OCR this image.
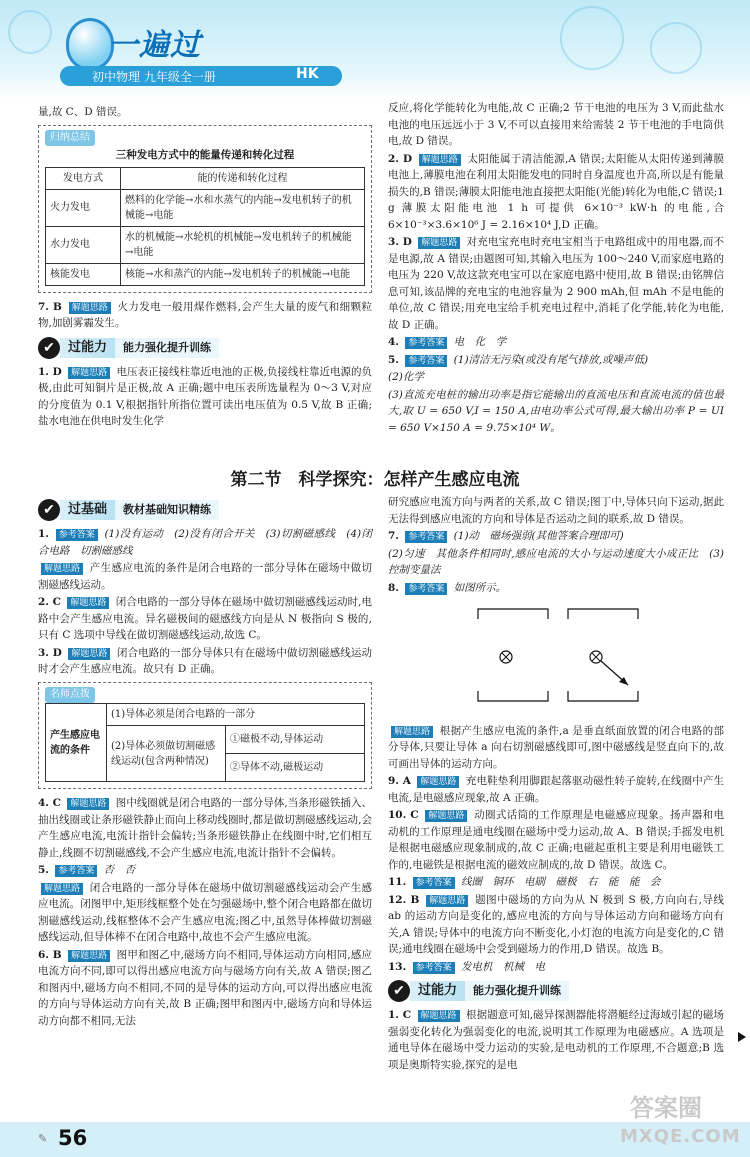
一遍过
初中物理 九年级全一册	HK

量,故 C、D 错误。

归纳总结
三种发电方式中的能量传递和转化过程
发电方式	能的传递和转化过程
火力发电	燃料的化学能→水和水蒸气的内能→发电机转子的机械能→电能
水力发电	水的机械能→水轮机的机械能→发电机转子的机械能→电能
核能发电	核能→水和蒸汽的内能→发电机转子的机械能→电能

7. B 解题思路 火力发电一般用煤作燃料,会产生大量的废气和细颗粒物,加剧雾霾发生。

✔	过能力	能力强化提升训练

1. D 解题思路 电压表正接线柱靠近电池的正极,负接线柱靠近电源的负极,由此可知铜片是正极,故 A 正确;题中电压表所选量程为 0～3 V,对应的分度值为 0.1 V,根据指针所指位置可读出电压值为 0.5 V,故 B 正确;盐水电池在供电时发生化学

反应,将化学能转化为电能,故 C 正确;2 节干电池的电压为 3 V,而此盐水电池的电压远远小于 3 V,不可以直接用来给需装 2 节干电池的手电筒供电,故 D 错误。

2. D 解题思路 太阳能属于清洁能源,A 错误;太阳能从太阳传递到薄膜电池上,薄膜电池在利用太阳能发电的同时自身温度也升高,所以是有能量损失的,B 错误;薄膜太阳能电池直接把太阳能(光能)转化为电能,C 错误;1 g 薄膜太阳能电池 1 h 可提供 6×10⁻³ kW·h 的电能,合 6×10⁻³×3.6×10⁶ J = 2.16×10⁴ J,D 正确。

3. D 解题思路 对充电宝充电时充电宝相当于电路组成中的用电器,而不是电源,故 A 错误;由题图可知,其输入电压为 100～240 V,而家庭电路的电压为 220 V,故这款充电宝可以在家庭电路中使用,故 B 错误;由铭牌信息可知,该品牌的充电宝的电池容量为 2 900 mAh,但 mAh 不是电能的单位,故 C 错误;用充电宝给手机充电过程中,消耗了化学能,转化为电能,故 D 正确。

4. 参考答案 电　化　学

5. 参考答案 (1)清洁无污染(或没有尾气排放,或噪声低)

(2)化学

(3)直流充电桩的输出功率是指它能输出的直流电压和直流电流的值也最大,取 U = 650 V,I = 150 A,由电功率公式可得,最大输出功率 P = UI = 650 V×150 A = 9.75×10⁴ W。

第二节　科学探究：怎样产生感应电流
✔	过基础	教材基础知识精练

1. 参考答案 (1)没有运动　(2)没有闭合开关　(3)切割磁感线　(4)闭合电路　切割磁感线

解题思路 产生感应电流的条件是闭合电路的一部分导体在磁场中做切割磁感线运动。

2. C 解题思路 闭合电路的一部分导体在磁场中做切割磁感线运动时,电路中会产生感应电流。异名磁极间的磁感线方向是从 N 极指向 S 极的,只有 C 选项中导线在做切割磁感线运动,故选 C。

3. D 解题思路 闭合电路的一部分导体只有在磁场中做切割磁感线运动时才会产生感应电流。故只有 D 正确。

名师点拨
产生感应电流的条件	(1)导体必须是闭合电路的一部分	
	(2)导体必须做切割磁感线运动(包含两种情况)	①磁极不动,导体运动
②导体不动,磁极运动

4. C 解题思路 图中线圈就是闭合电路的一部分导体,当条形磁铁插入、抽出线圈或让条形磁铁静止而向上移动线圈时,都是做切割磁感线运动,会产生感应电流,电流计指针会偏转;当条形磁铁静止在线圈中时,它们相互静止,线圈不切割磁感线,不会产生感应电流,电流计指针不会偏转。

5. 参考答案 否　否

解题思路 闭合电路的一部分导体在磁场中做切割磁感线运动会产生感应电流。闭图甲中,矩形线框整个处在匀强磁场中,整个闭合电路都在做切割磁感线运动,线框整体不会产生感应电流;图乙中,虽然导体棒做切割磁感线运动,但导体棒不在闭合电路中,故也不会产生感应电流。

6. B 解题思路 图甲和图乙中,磁场方向不相同,导体运动方向相同,感应电流方向不同,即可以得出感应电流方向与磁场方向有关,故 A 错误;图乙和图丙中,磁场方向不相同,不同的是导体的运动方向,可以得出感应电流的方向与导体运动方向有关,故 B 正确;图甲和图丙中,磁场方向和导体运动方向都不相同,无法

研究感应电流方向与两者的关系,故 C 错误;图丁中,导体只向下运动,据此无法得到感应电流的方向和导体是否运动之间的联系,故 D 错误。

7. 参考答案 (1)动　磁场强弱(其他答案合理即可)

(2)匀速　其他条件相同时,感应电流的大小与运动速度大小成正比　(3)控制变量法

8. 参考答案 如图所示。

解题思路 根据产生感应电流的条件,a 是垂直纸面放置的闭合电路的部分导体,只要让导体 a 向右切割磁感线即可,图中磁感线是竖直向下的,故可画出导体的运动方向。

9. A 解题思路 充电鞋垫利用脚跟起落驱动磁性转子旋转,在线圈中产生电流,是电磁感应现象,故 A 正确。

10. C 解题思路 动圈式话筒的工作原理是电磁感应现象。扬声器和电动机的工作原理是通电线圈在磁场中受力运动,故 A、B 错误;手摇发电机是根据电磁感应现象制成的,故 C 正确;电磁起重机主要是利用电磁铁工作的,电磁铁是根据电流的磁效应制成的,故 D 错误。故选 C。

11. 参考答案 线圈　铜环　电刷　磁极　右　能　能　会

12. B 解题思路 题图中磁场的方向为从 N 极到 S 极,方向向右,导线 ab 的运动方向是变化的,感应电流的方向与导体运动方向和磁场方向有关,A 错误;导体中的电流方向不断变化,小灯泡的电流方向是变化的,C 错误;通电线圈在磁场中会受到磁场力的作用,D 错误。故选 B。

13. 参考答案 发电机　机械　电

✔	过能力	能力强化提升训练

1. C 解题思路 根据题意可知,磁异探测器能将潜艇经过海域引起的磁场强弱变化转化为强弱变化的电流,说明其工作原理为电磁感应。A 选项是通电导体在磁场中受力运动的实验,是电动机的工作原理,不合题意;B 选项是奥斯特实验,探究的是电

✎ 56
答案圈
MXQE.COM
